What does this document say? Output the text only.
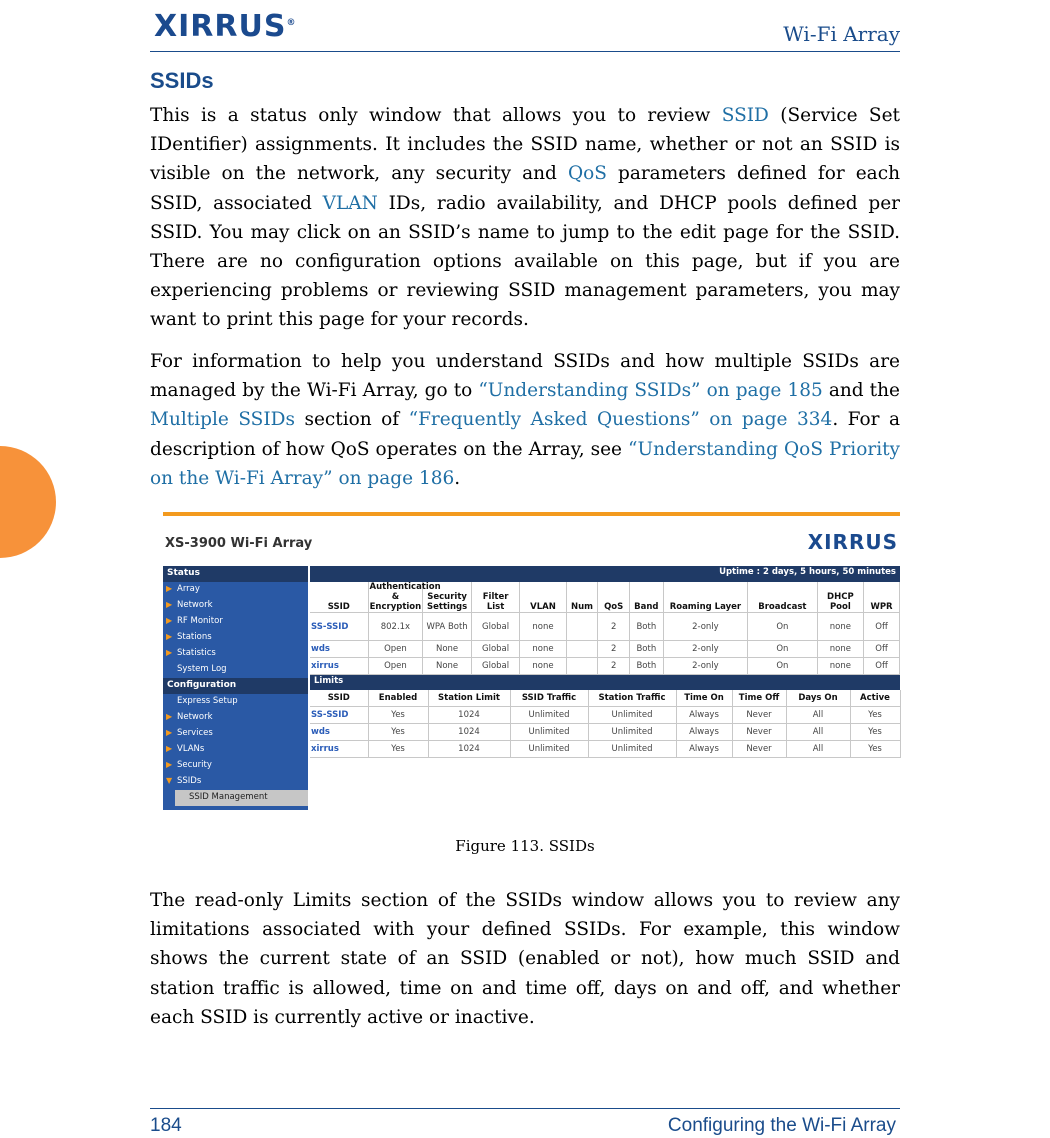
XIRRUS®	Wi-Fi Array
SSIDs

This is a status only window that allows you to review SSID (Service Set IDentifier) assignments. It includes the SSID name, whether or not an SSID is visible on the network, any security and QoS parameters defined for each SSID, associated VLAN IDs, radio availability, and DHCP pools defined per SSID. You may click on an SSID’s name to jump to the edit page for the SSID. There are no configuration options available on this page, but if you are experiencing problems or reviewing SSID management parameters, you may want to print this page for your records.

For information to help you understand SSIDs and how multiple SSIDs are managed by the Wi-Fi Array, go to “Understanding SSIDs” on page 185 and the Multiple SSIDs section of “Frequently Asked Questions” on page 334. For a description of how QoS operates on the Array, see “Understanding QoS Priority on the Wi-Fi Array” on page 186.

XS-3900 Wi-Fi Array	XIRRUS
Status
▶ Array
▶ Network
▶ RF Monitor
▶ Stations
▶ Statistics
System Log
Configuration
Express Setup
▶ Network
▶ Services
▶ VLANs
▶ Security
▼ SSIDs
SSID Management
Uptime : 2 days, 5 hours, 50 minutes
SSID	Authentication & Encryption	Security Settings	Filter List	VLAN	Num	QoS	Band	Roaming Layer	Broadcast	DHCP Pool	WPR
SS-SSID	802.1x	WPA Both	Global	none		2	Both	2-only	On	none	Off
wds	Open	None	Global	none		2	Both	2-only	On	none	Off
xirrus	Open	None	Global	none		2	Both	2-only	On	none	Off
Limits
SSID	Enabled	Station Limit	SSID Traffic	Station Traffic	Time On	Time Off	Days On	Active
SS-SSID	Yes	1024	Unlimited	Unlimited	Always	Never	All	Yes
wds	Yes	1024	Unlimited	Unlimited	Always	Never	All	Yes
xirrus	Yes	1024	Unlimited	Unlimited	Always	Never	All	Yes
Figure 113. SSIDs

The read-only Limits section of the SSIDs window allows you to review any limitations associated with your defined SSIDs. For example, this window shows the current state of an SSID (enabled or not), how much SSID and station traffic is allowed, time on and time off, days on and off, and whether each SSID is currently active or inactive.

184	Configuring the Wi-Fi Array
